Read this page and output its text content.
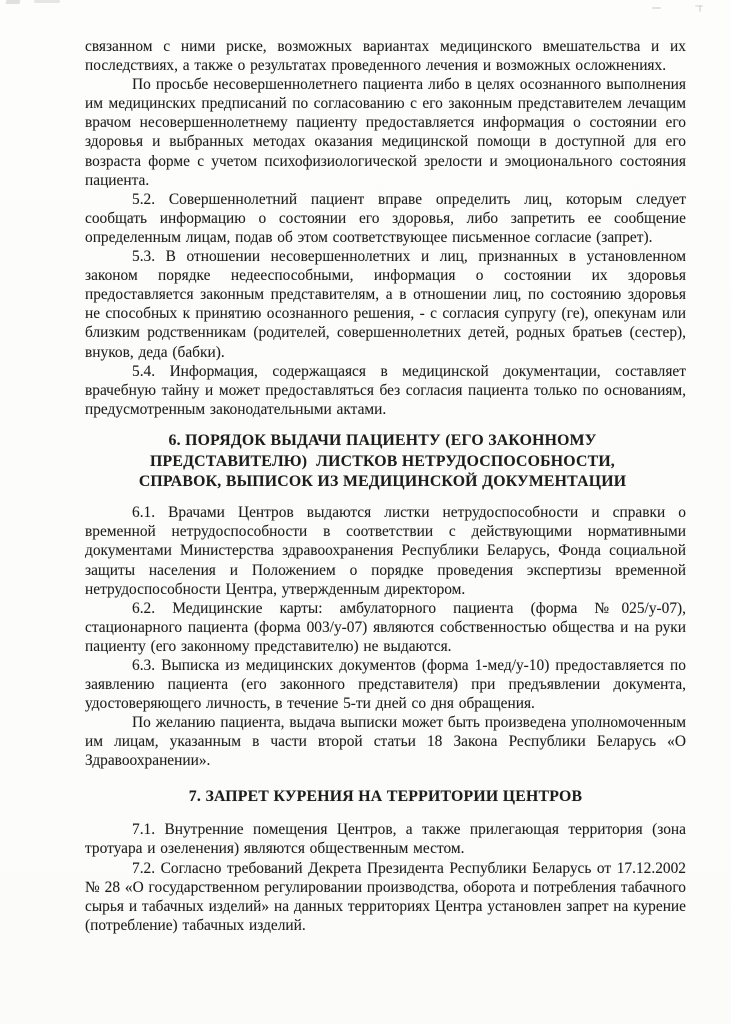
связанном с ними риске, возможных вариантах медицинского вмешательства и их последствиях, а также о результатах проведенного лечения и возможных осложнениях.

По просьбе несовершеннолетнего пациента либо в целях осознанного выполнения им медицинских предписаний по согласованию с его законным представителем лечащим врачом несовершеннолетнему пациенту предоставляется информация о состоянии его здоровья и выбранных методах оказания медицинской помощи в доступной для его возраста форме с учетом психофизиологической зрелости и эмоционального состояния пациента.

5.2. Совершеннолетний пациент вправе определить лиц, которым следует сообщать информацию о состоянии его здоровья, либо запретить ее сообщение определенным лицам, подав об этом соответствующее письменное согласие (запрет).

5.3. В отношении несовершеннолетних и лиц, признанных в установленном законом порядке недееспособными, информация о состоянии их здоровья предоставляется законным представителям, а в отношении лиц, по состоянию здоровья не способных к принятию осознанного решения, - с согласия супругу (ге), опекунам или близким родственникам (родителей, совершеннолетних детей, родных братьев (сестер), внуков, деда (бабки).

5.4. Информация, содержащаяся в медицинской документации, составляет врачебную тайну и может предоставляться без согласия пациента только по основаниям, предусмотренным законодательными актами.

6. ПОРЯДОК ВЫДАЧИ ПАЦИЕНТУ (ЕГО ЗАКОННОМУ
ПРЕДСТАВИТЕЛЮ)  ЛИСТКОВ НЕТРУДОСПОСОБНОСТИ,
СПРАВОК, ВЫПИСОК ИЗ МЕДИЦИНСКОЙ ДОКУМЕНТАЦИИ

6.1. Врачами Центров выдаются листки нетрудоспособности и справки о временной нетрудоспособности в соответствии с действующими нормативными документами Министерства здравоохранения Республики Беларусь, Фонда социальной защиты населения и Положением о порядке проведения экспертизы временной нетрудоспособности Центра, утвержденным директором.

6.2. Медицинские карты: амбулаторного пациента (форма №025/у-07), стационарного пациента (форма 003/у-07) являются собственностью общества и на руки пациенту (его законному представителю) не выдаются.

6.3. Выписка из медицинских документов (форма 1-мед/у-10) предоставляется по заявлению пациента (его законного представителя) при предъявлении документа, удостоверяющего личность, в течение 5-ти дней со дня обращения.

По желанию пациента, выдача выписки может быть произведена уполномоченным им лицам, указанным в части второй статьи 18 Закона Республики Беларусь «О Здравоохранении».

7. ЗАПРЕТ КУРЕНИЯ НА ТЕРРИТОРИИ ЦЕНТРОВ

7.1. Внутренние помещения Центров, а также прилегающая территория (зона тротуара и озеленения) являются общественным местом.

7.2. Согласно требований Декрета Президента Республики Беларусь от 17.12.2002 № 28 «О государственном регулировании производства, оборота и потребления табачного сырья и табачных изделий» на данных территориях Центра установлен запрет на курение (потребление) табачных изделий.
